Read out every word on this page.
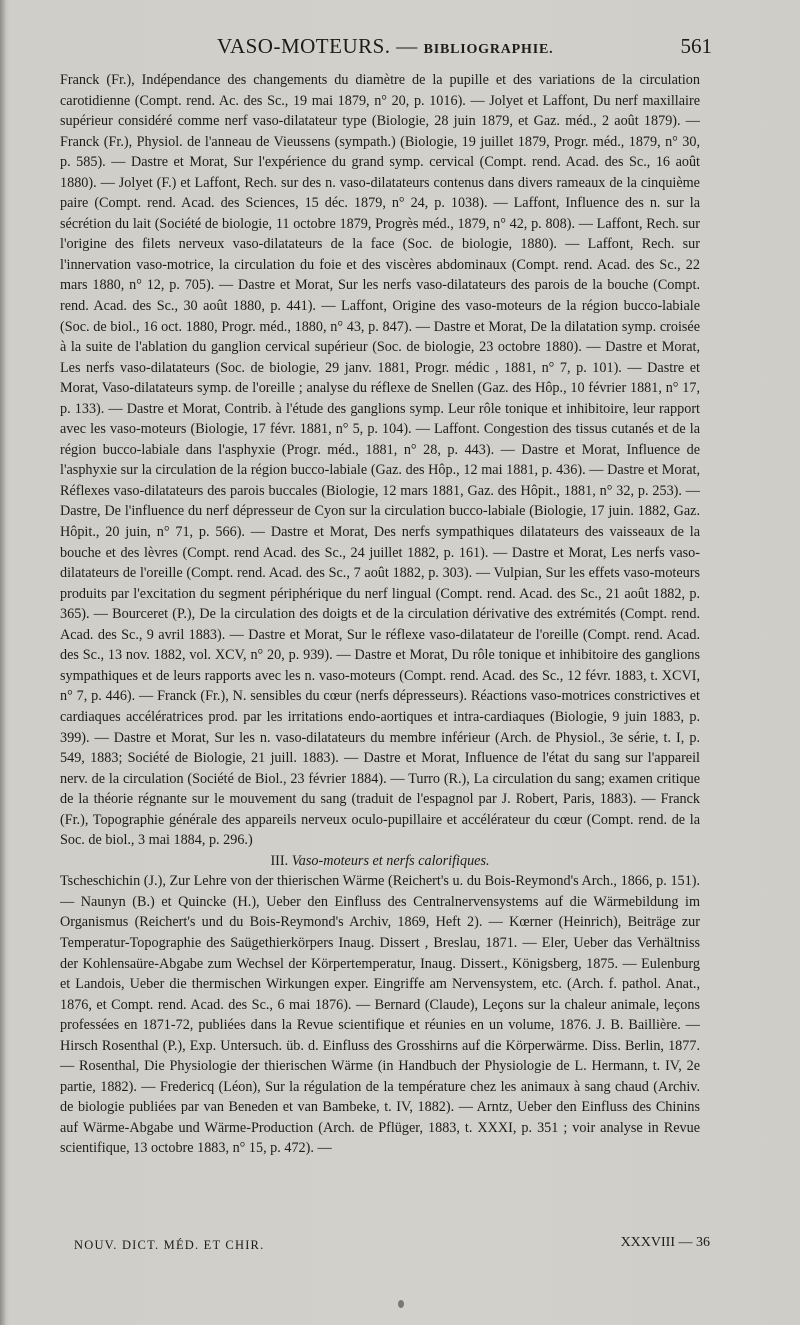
VASO-MOTEURS. — BIBLIOGRAPHIE.	561

Franck (Fr.), Indépendance des changements du diamètre de la pupille et des variations de la circulation carotidienne (Compt. rend. Ac. des Sc., 19 mai 1879, n° 20, p. 1016). — Jolyet et Laffont, Du nerf maxillaire supérieur considéré comme nerf vaso-dilatateur type (Biologie, 28 juin 1879, et Gaz. méd., 2 août 1879). — Franck (Fr.), Physiol. de l'anneau de Vieussens (sympath.) (Biologie, 19 juillet 1879, Progr. méd., 1879, n° 30, p. 585). — Dastre et Morat, Sur l'expérience du grand symp. cervical (Compt. rend. Acad. des Sc., 16 août 1880). — Jolyet (F.) et Laffont, Rech. sur des n. vaso-dilatateurs contenus dans divers rameaux de la cinquième paire (Compt. rend. Acad. des Sciences, 15 déc. 1879, n° 24, p. 1038). — Laffont, Influence des n. sur la sécrétion du lait (Société de biologie, 11 octobre 1879, Progrès méd., 1879, n° 42, p. 808). — Laffont, Rech. sur l'origine des filets nerveux vaso-dilatateurs de la face (Soc. de biologie, 1880). — Laffont, Rech. sur l'innervation vaso-motrice, la circulation du foie et des viscères abdominaux (Compt. rend. Acad. des Sc., 22 mars 1880, n° 12, p. 705). — Dastre et Morat, Sur les nerfs vaso-dilatateurs des parois de la bouche (Compt. rend. Acad. des Sc., 30 août 1880, p. 441). — Laffont, Origine des vaso-moteurs de la région bucco-labiale (Soc. de biol., 16 oct. 1880, Progr. méd., 1880, n° 43, p. 847). — Dastre et Morat, De la dilatation symp. croisée à la suite de l'ablation du ganglion cervical supérieur (Soc. de biologie, 23 octobre 1880). — Dastre et Morat, Les nerfs vaso-dilatateurs (Soc. de biologie, 29 janv. 1881, Progr. médic , 1881, n° 7, p. 101). — Dastre et Morat, Vaso-dilatateurs symp. de l'oreille ; analyse du réflexe de Snellen (Gaz. des Hôp., 10 février 1881, n° 17, p. 133). — Dastre et Morat, Contrib. à l'étude des ganglions symp. Leur rôle tonique et inhibitoire, leur rapport avec les vaso-moteurs (Biologie, 17 févr. 1881, n° 5, p. 104). — Laffont. Congestion des tissus cutanés et de la région bucco-labiale dans l'asphyxie (Progr. méd., 1881, n° 28, p. 443). — Dastre et Morat, Influence de l'asphyxie sur la circulation de la région bucco-labiale (Gaz. des Hôp., 12 mai 1881, p. 436). — Dastre et Morat, Réflexes vaso-dilatateurs des parois buccales (Biologie, 12 mars 1881, Gaz. des Hôpit., 1881, n° 32, p. 253). — Dastre, De l'influence du nerf dépresseur de Cyon sur la circulation bucco-labiale (Biologie, 17 juin. 1882, Gaz. Hôpit., 20 juin, n° 71, p. 566). — Dastre et Morat, Des nerfs sympathiques dilatateurs des vaisseaux de la bouche et des lèvres (Compt. rend Acad. des Sc., 24 juillet 1882, p. 161). — Dastre et Morat, Les nerfs vaso-dilatateurs de l'oreille (Compt. rend. Acad. des Sc., 7 août 1882, p. 303). — Vulpian, Sur les effets vaso-moteurs produits par l'excitation du segment périphérique du nerf lingual (Compt. rend. Acad. des Sc., 21 août 1882, p. 365). — Bourceret (P.), De la circulation des doigts et de la circulation dérivative des extrémités (Compt. rend. Acad. des Sc., 9 avril 1883). — Dastre et Morat, Sur le réflexe vaso-dilatateur de l'oreille (Compt. rend. Acad. des Sc., 13 nov. 1882, vol. XCV, n° 20, p. 939). — Dastre et Morat, Du rôle tonique et inhibitoire des ganglions sympathiques et de leurs rapports avec les n. vaso-moteurs (Compt. rend. Acad. des Sc., 12 févr. 1883, t. XCVI, n° 7, p. 446). — Franck (Fr.), N. sensibles du cœur (nerfs dépresseurs). Réactions vaso-motrices constrictives et cardiaques accélératrices prod. par les irritations endo-aortiques et intra-cardiaques (Biologie, 9 juin 1883, p. 399). — Dastre et Morat, Sur les n. vaso-dilatateurs du membre inférieur (Arch. de Physiol., 3e série, t. I, p. 549, 1883; Société de Biologie, 21 juill. 1883). — Dastre et Morat, Influence de l'état du sang sur l'appareil nerv. de la circulation (Société de Biol., 23 février 1884). — Turro (R.), La circulation du sang; examen critique de la théorie régnante sur le mouvement du sang (traduit de l'espagnol par J. Robert, Paris, 1883). — Franck (Fr.), Topographie générale des appareils nerveux oculo-pupillaire et accélérateur du cœur (Compt. rend. de la Soc. de biol., 3 mai 1884, p. 296.)

III. Vaso-moteurs et nerfs calorifiques.

Tscheschichin (J.), Zur Lehre von der thierischen Wärme (Reichert's u. du Bois-Reymond's Arch., 1866, p. 151). — Naunyn (B.) et Quincke (H.), Ueber den Einfluss des Centralnervensystems auf die Wärmebildung im Organismus (Reichert's und du Bois-Reymond's Archiv, 1869, Heft 2). — Kœrner (Heinrich), Beiträge zur Temperatur-Topographie des Saügethierkörpers Inaug. Dissert , Breslau, 1871. — Eler, Ueber das Verhältniss der Kohlensaüre-Abgabe zum Wechsel der Körpertemperatur, Inaug. Dissert., Königsberg, 1875. — Eulenburg et Landois, Ueber die thermischen Wirkungen exper. Eingriffe am Nervensystem, etc. (Arch. f. pathol. Anat., 1876, et Compt. rend. Acad. des Sc., 6 mai 1876). — Bernard (Claude), Leçons sur la chaleur animale, leçons professées en 1871-72, publiées dans la Revue scientifique et réunies en un volume, 1876. J. B. Baillière. — Hirsch Rosenthal (P.), Exp. Untersuch. üb. d. Einfluss des Grosshirns auf die Körperwärme. Diss. Berlin, 1877. — Rosenthal, Die Physiologie der thierischen Wärme (in Handbuch der Physiologie de L. Hermann, t. IV, 2e partie, 1882). — Fredericq (Léon), Sur la régulation de la température chez les animaux à sang chaud (Archiv. de biologie publiées par van Beneden et van Bambeke, t. IV, 1882). — Arntz, Ueber den Einfluss des Chinins auf Wärme-Abgabe und Wärme-Production (Arch. de Pflüger, 1883, t. XXXI, p. 351 ; voir analyse in Revue scientifique, 13 octobre 1883, n° 15, p. 472). —

NOUV. DICT. MÉD. ET CHIR.	XXXVIII — 36
